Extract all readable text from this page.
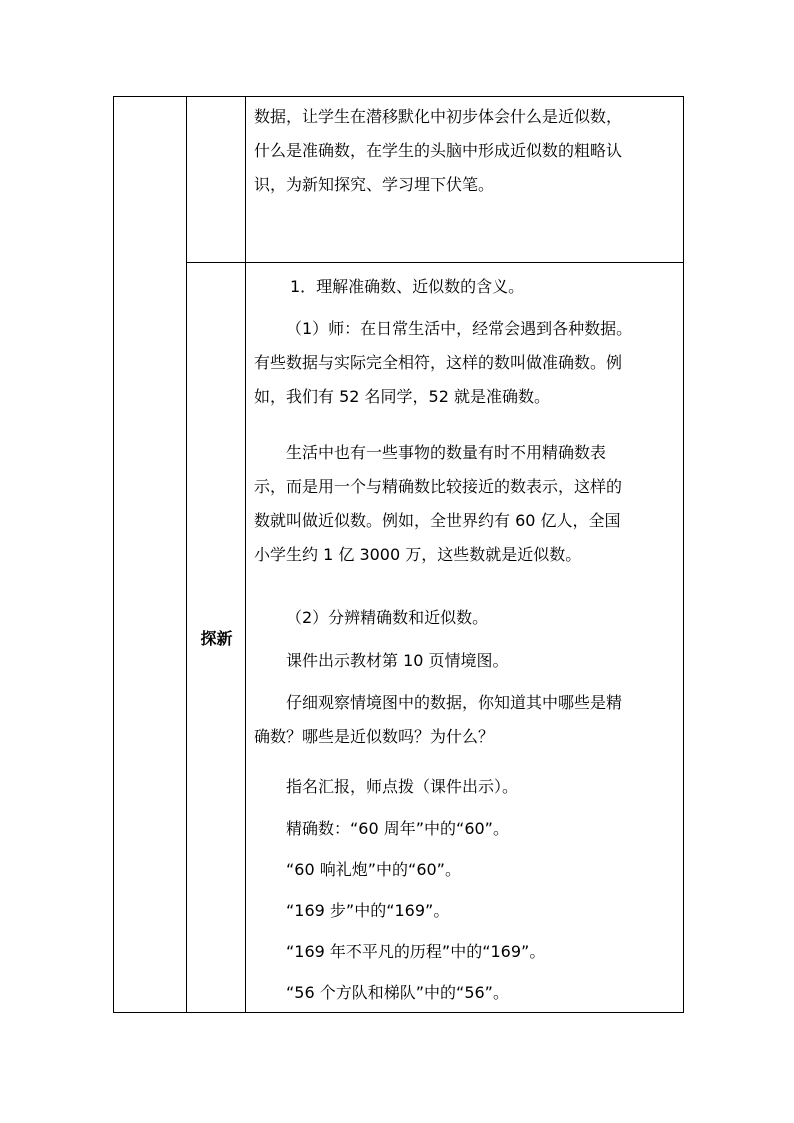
数据，让学生在潜移默化中初步体会什么是近似数，
什么是准确数，在学生的头脑中形成近似数的粗略认
识，为新知探究、学习埋下伏笔。
探新
1．理解准确数、近似数的含义。
（1）师：在日常生活中，经常会遇到各种数据。
有些数据与实际完全相符，这样的数叫做准确数。例
如，我们有 52 名同学，52 就是准确数。
生活中也有一些事物的数量有时不用精确数表
示，而是用一个与精确数比较接近的数表示，这样的
数就叫做近似数。例如，全世界约有 60 亿人，全国
小学生约 1 亿 3000 万，这些数就是近似数。
（2）分辨精确数和近似数。
课件出示教材第 10 页情境图。
仔细观察情境图中的数据，你知道其中哪些是精
确数？哪些是近似数吗？为什么？
指名汇报，师点拨（课件出示）。
精确数：“60 周年”中的“60”。
“60 响礼炮”中的“60”。
“169 步”中的“169”。
“169 年不平凡的历程”中的“169”。
“56 个方队和梯队”中的“56”。
